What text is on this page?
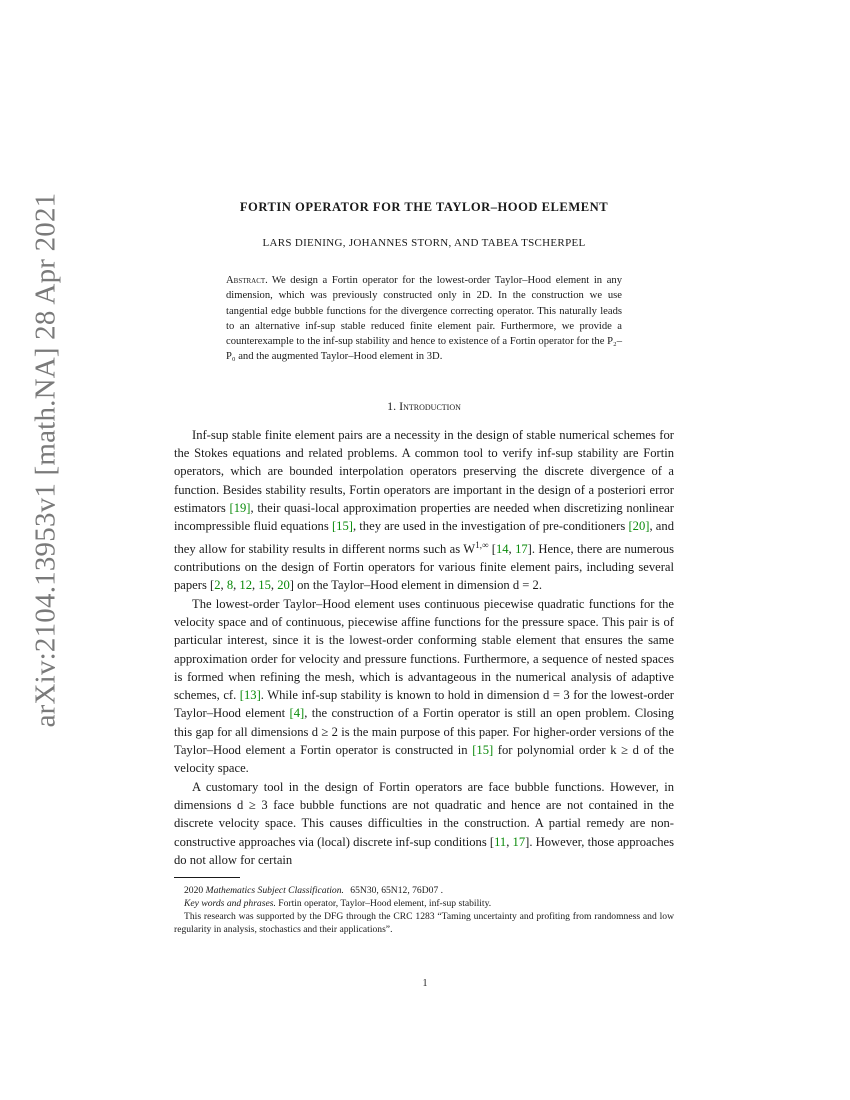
arXiv:2104.13953v1 [math.NA] 28 Apr 2021	FORTIN OPERATOR FOR THE TAYLOR–HOOD ELEMENT
LARS DIENING, JOHANNES STORN, AND TABEA TSCHERPEL
Abstract. We design a Fortin operator for the lowest-order Taylor–Hood element in any dimension, which was previously constructed only in 2D. In the construction we use tangential edge bubble functions for the divergence correcting operator. This naturally leads to an alternative inf-sup stable reduced finite element pair. Furthermore, we provide a counterexample to the inf-sup stability and hence to existence of a Fortin operator for the P₂–P₀ and the augmented Taylor–Hood element in 3D.
1. Introduction

Inf-sup stable finite element pairs are a necessity in the design of stable numerical schemes for the Stokes equations and related problems. A common tool to verify inf-sup stability are Fortin operators, which are bounded interpolation operators preserving the discrete divergence of a function. Besides stability results, Fortin operators are important in the design of a posteriori error estimators [19], their quasi-local approximation properties are needed when discretizing nonlinear incompressible fluid equations [15], they are used in the investigation of pre-conditioners [20], and they allow for stability results in different norms such as $W^{1,\infty}$ [14, 17]. Hence, there are numerous contributions on the design of Fortin operators for various finite element pairs, including several papers [2, 8, 12, 15, 20] on the Taylor–Hood element in dimension d = 2.

The lowest-order Taylor–Hood element uses continuous piecewise quadratic functions for the velocity space and of continuous, piecewise affine functions for the pressure space. This pair is of particular interest, since it is the lowest-order conforming stable element that ensures the same approximation order for velocity and pressure functions. Furthermore, a sequence of nested spaces is formed when refining the mesh, which is advantageous in the numerical analysis of adaptive schemes, cf. [13]. While inf-sup stability is known to hold in dimension d = 3 for the lowest-order Taylor–Hood element [4], the construction of a Fortin operator is still an open problem. Closing this gap for all dimensions d ≥ 2 is the main purpose of this paper. For higher-order versions of the Taylor–Hood element a Fortin operator is constructed in [15] for polynomial order k ≥ d of the velocity space.

A customary tool in the design of Fortin operators are face bubble functions. However, in dimensions d ≥ 3 face bubble functions are not quadratic and hence are not contained in the discrete velocity space. This causes difficulties in the construction. A partial remedy are non-constructive approaches via (local) discrete inf-sup conditions [11, 17]. However, those approaches do not allow for certain

2020 Mathematics Subject Classification. 65N30, 65N12, 76D07 .

Key words and phrases. Fortin operator, Taylor–Hood element, inf-sup stability.

This research was supported by the DFG through the CRC 1283 “Taming uncertainty and profiting from randomness and low regularity in analysis, stochastics and their applications”.

1
